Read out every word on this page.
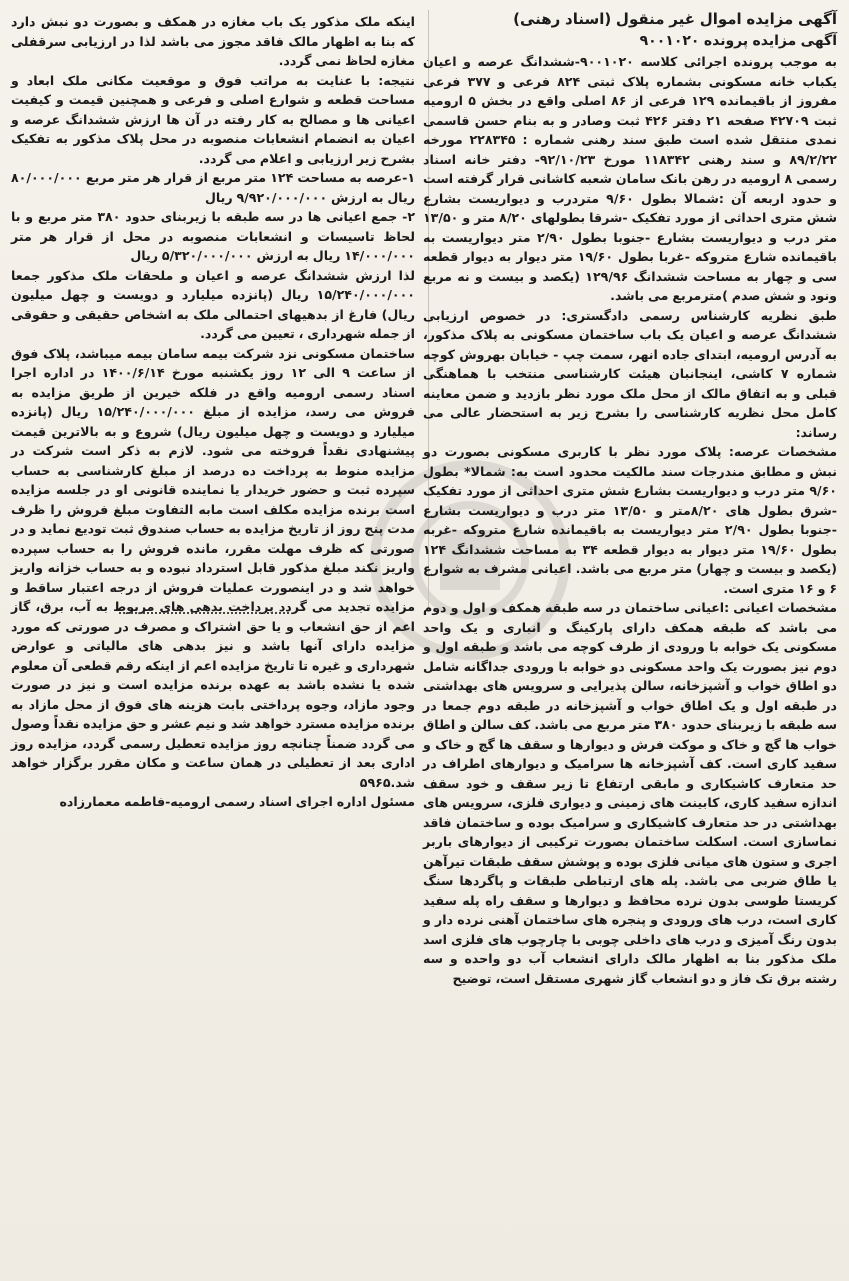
آگهی مزایده اموال غیر منقول (اسناد رهنی)
آگهی مزایده پرونده ۹۰۰۱۰۲۰

به موجب پرونده اجرائی کلاسه ۹۰۰۱۰۲۰-ششدانگ عرصه و اعیان یکباب خانه مسکونی بشماره پلاک ثبتی ۸۲۴ فرعی و ۳۷۷ فرعی مفروز از باقیمانده ۱۲۹ فرعی از ۸۶ اصلی واقع در بخش ۵ ارومیه ثبت ۴۲۷۰۹ صفحه ۲۱ دفتر ۴۲۶ ثبت وصادر و به بنام حسن قاسمی نمدی منتقل شده است طبق سند رهنی شماره : ۲۲۸۳۴۵ مورخه ۸۹/۲/۲۲ و سند رهنی ۱۱۸۳۴۲ مورخ ۹۲/۱۰/۲۳- دفتر خانه اسناد رسمی ۸ ارومیه در رهن بانک سامان شعبه کاشانی قرار گرفته است و حدود اربعه آن :شمالا بطول ۹/۶۰ متردرب و دیواریست بشارع شش متری احداثی از مورد تفکیک -شرقا بطولهای ۸/۲۰ متر و ۱۳/۵۰ متر درب و دیواریست بشارع -جنوبا بطول ۲/۹۰ متر دیواریست به باقیمانده شارع متروکه -غربا بطول ۱۹/۶۰ متر دیوار به دیوار قطعه سی و چهار به مساحت ششدانگ ۱۲۹/۹۶ (یکصد و بیست و نه مربع ونود و شش صدم )مترمربع می باشد.

طبق نظریه کارشناس رسمی دادگستری: در خصوص ارزیابی ششدانگ عرصه و اعیان یک باب ساختمان مسکونی به پلاک مذکور، به آدرس ارومیه، ابتدای جاده انهر، سمت چپ - خیابان بهروش کوچه شماره ۷ کاشی، اینجانبان هیئت کارشناسی منتخب با هماهنگی قبلی و به اتفاق مالک از محل ملک مورد نظر بازدید و ضمن معاینه کامل محل نظریه کارشناسی را بشرح زیر به استحضار عالی می رساند:

مشخصات عرصه: پلاک مورد نظر با کاربری مسکونی بصورت دو نبش و مطابق مندرجات سند مالکیت محدود است به: شمالا* بطول ۹/۶۰ متر درب و دیواریست بشارع شش متری احداثی از مورد تفکیک -شرق بطول های ۸/۲۰متر و ۱۳/۵۰ متر درب و دیواریست بشارع -جنوبا بطول ۲/۹۰ متر دیواریست به باقیمانده شارع متروکه -غربه بطول ۱۹/۶۰ متر دیوار به دیوار قطعه ۳۴ به مساحت ششدانگ ۱۲۴ (یکصد و بیست و چهار) متر مربع می باشد. اعیانی مشرف به شوارع ۶ و ۱۶ متری است.

مشخصات اعیانی :اعیانی ساختمان در سه طبقه همکف و اول و دوم می باشد که طبقه همکف دارای پارکینگ و انباری و یک واحد مسکونی یک خوابه با ورودی از طرف کوچه می باشد و طبقه اول و دوم نیز بصورت یک واحد مسکونی دو خوابه با ورودی جداگانه شامل دو اطاق خواب و آشپزخانه، سالن پذیرایی و سرویس های بهداشتی در طبقه اول و یک اطاق خواب و آشپزخانه در طبقه دوم جمعا در سه طبقه با زیربنای حدود ۳۸۰ متر مربع می باشد. کف سالن و اطاق خواب ها گچ و خاک و موکت فرش و دیوارها و سقف ها گچ و خاک و سفید کاری است. کف آشپزخانه ها سرامیک و دیوارهای اطراف در حد متعارف کاشیکاری و مابقی ارتفاع تا زیر سقف و خود سقف اندازه سفید کاری، کابینت های زمینی و دیواری فلزی، سرویس های بهداشتی در حد متعارف کاشیکاری و سرامیک بوده و ساختمان فاقد نماسازی است. اسکلت ساختمان بصورت ترکیبی از دیوارهای باربر اجری و ستون های میانی فلزی بوده و پوشش سقف طبقات تیرآهن یا طاق ضربی می باشد. پله های ارتباطی طبقات و پاگردها سنگ کریستا طوسی بدون نرده محافظ و دیوارها و سقف راه پله سفید کاری است، درب های ورودی و پنجره های ساختمان آهنی نرده دار و بدون رنگ آمیزی و درب های داخلی چوبی با چارچوب های فلزی اسد ملک مذکور بنا به اظهار مالک دارای انشعاب آب دو واحده و سه رشته برق تک فاز و دو انشعاب گاز شهری مستقل است، توضیح

اینکه ملک مذکور یک باب مغازه در همکف و بصورت دو نبش دارد که بنا به اظهار مالک فاقد مجوز می باشد لذا در ارزیابی سرقفلی مغازه لحاظ نمی گردد.

نتیجه: با عنایت به مراتب فوق و موقعیت مکانی ملک ابعاد و مساحت قطعه و شوارع اصلی و فرعی و همچنین قیمت و کیفیت اعیانی ها و مصالح به کار رفته در آن ها ارزش ششدانگ عرصه و اعیان به انضمام انشعابات منصوبه در محل پلاک مذکور به تفکیک بشرح زیر ارزیابی و اعلام می گردد.

۱-عرصه به مساحت ۱۲۴ متر مربع از قرار هر متر مربع ۸۰/۰۰۰/۰۰۰ ریال به ارزش ۹/۹۲۰/۰۰۰/۰۰۰ ریال

۲- جمع اعیانی ها در سه طبقه با زیربنای حدود ۳۸۰ متر مربع و با لحاظ تاسیسات و انشعابات منصوبه در محل از قرار هر متر ۱۴/۰۰۰/۰۰۰ ریال به ارزش ۵/۳۲۰/۰۰۰/۰۰۰ ریال

لذا ارزش ششدانگ عرصه و اعیان و ملحقات ملک مذکور جمعا ۱۵/۲۴۰/۰۰۰/۰۰۰ ریال (پانزده میلیارد و دویست و چهل میلیون ریال) فارغ از بدهیهای احتمالی ملک به اشخاص حقیقی و حقوقی از جمله شهرداری ، تعیین می گردد.

ساختمان مسکونی نزد شرکت بیمه سامان بیمه میباشد، پلاک فوق از ساعت ۹ الی ۱۲ روز یکشنبه مورخ ۱۴۰۰/۶/۱۴ در اداره اجرا اسناد رسمی ارومیه واقع در فلکه خیرین از طریق مزایده به فروش می رسد، مزایده از مبلغ ۱۵/۲۴۰/۰۰۰/۰۰۰ ریال (پانزده میلیارد و دویست و چهل میلیون ریال) شروع و به بالاترین قیمت پیشنهادی نقداً فروخته می شود. لازم به ذکر است شرکت در مزایده منوط به پرداخت ده درصد از مبلغ کارشناسی به حساب سپرده ثبت و حضور خریدار یا نماینده قانونی او در جلسه مزایده است برنده مزایده مکلف است مابه التفاوت مبلغ فروش را ظرف مدت پنج روز از تاریخ مزایده به حساب صندوق ثبت تودیع نماید و در صورتی که ظرف مهلت مقرر، مانده فروش را به حساب سپرده واریز نکند مبلغ مذکور قابل استرداد نبوده و به حساب خزانه واریز خواهد شد و در اینصورت عملیات فروش از درجه اعتبار ساقط و مزایده تجدید می گردد پرداخت بدهی های مربوط به آب، برق، گاز اعم از حق انشعاب و یا حق اشتراک و مصرف در صورتی که مورد مزایده دارای آنها باشد و نیز بدهی های مالیاتی و عوارض شهرداری و غیره تا تاریخ مزایده اعم از اینکه رقم قطعی آن معلوم شده یا نشده باشد به عهده برنده مزایده است و نیز در صورت وجود مازاد، وجوه پرداختی بابت هزینه های فوق از محل مازاد به برنده مزایده مسترد خواهد شد و نیم عشر و حق مزایده نقداً وصول می گردد ضمناً چنانچه روز مزایده تعطیل رسمی گردد، مزایده روز اداری بعد از تعطیلی در همان ساعت و مکان مقرر برگزار خواهد شد.۵۹۶۵

مسئول اداره اجرای اسناد رسمی ارومیه-فاطمه معمارزاده
